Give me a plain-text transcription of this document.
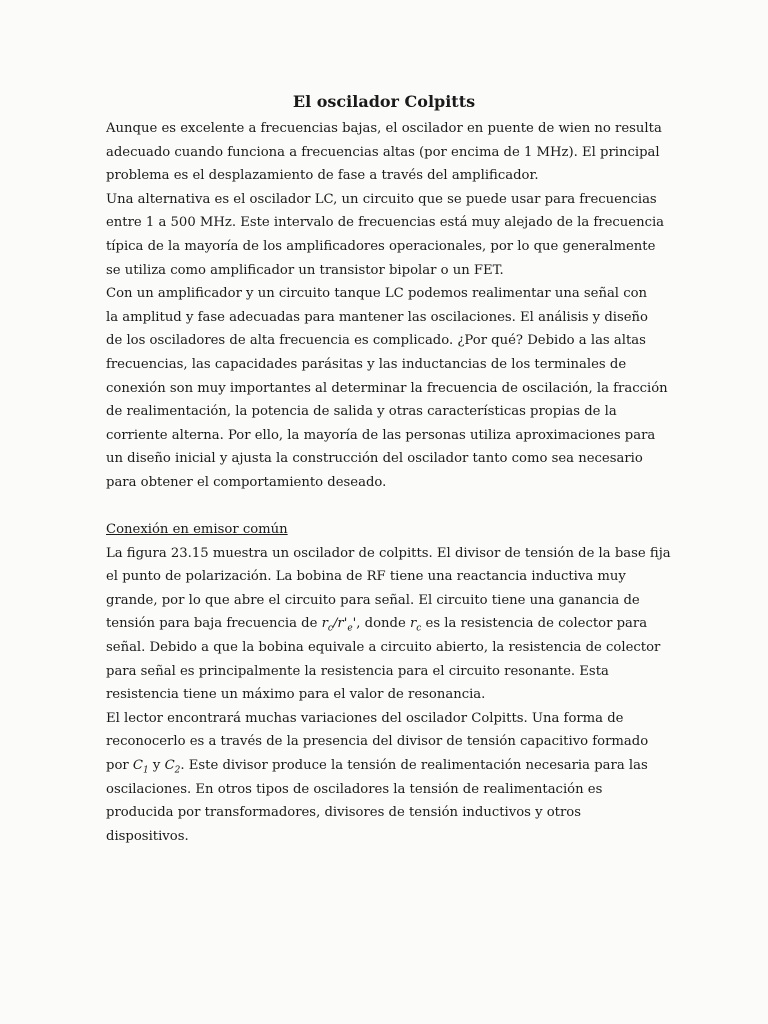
El oscilador Colpitts
Aunque es excelente a frecuencias bajas, el oscilador en puente de wien no resulta
adecuado cuando funciona a frecuencias altas (por encima de 1 MHz). El principal
problema es el desplazamiento de fase a través del amplificador.
Una alternativa es el oscilador LC, un circuito que se puede usar para frecuencias
entre 1 a 500 MHz. Este intervalo de frecuencias está muy alejado de la frecuencia
típica de la mayoría de los amplificadores operacionales, por lo que generalmente
se utiliza como amplificador un transistor bipolar o un FET.
Con un amplificador y un circuito tanque LC podemos realimentar una señal con
la amplitud y fase adecuadas para mantener las oscilaciones. El análisis y diseño
de los osciladores de alta frecuencia es complicado. ¿Por qué? Debido a las altas
frecuencias, las capacidades parásitas y las inductancias de los terminales de
conexión son muy importantes al determinar la frecuencia de oscilación, la fracción
de realimentación, la potencia de salida y otras características propias de la
corriente alterna. Por ello, la mayoría de las personas utiliza aproximaciones para
un diseño inicial y ajusta la construcción del oscilador tanto como sea necesario
para obtener el comportamiento deseado.
Conexión en emisor común
La figura 23.15 muestra un oscilador de colpitts. El divisor de tensión de la base fija
el punto de polarización. La bobina de RF tiene una reactancia inductiva muy
grande, por lo que abre el circuito para señal. El circuito tiene una ganancia de
tensión para baja frecuencia de $r_c/r'_e'$, donde $r_c$ es la resistencia de colector para
señal. Debido a que la bobina equivale a circuito abierto, la resistencia de colector
para señal es principalmente la resistencia para el circuito resonante. Esta
resistencia tiene un máximo para el valor de resonancia.
El lector encontrará muchas variaciones del oscilador Colpitts. Una forma de
reconocerlo es a través de la presencia del divisor de tensión capacitivo formado
por $C_1$ y $C_2$. Este divisor produce la tensión de realimentación necesaria para las
oscilaciones. En otros tipos de osciladores la tensión de realimentación es
producida por transformadores, divisores de tensión inductivos y otros
dispositivos.
